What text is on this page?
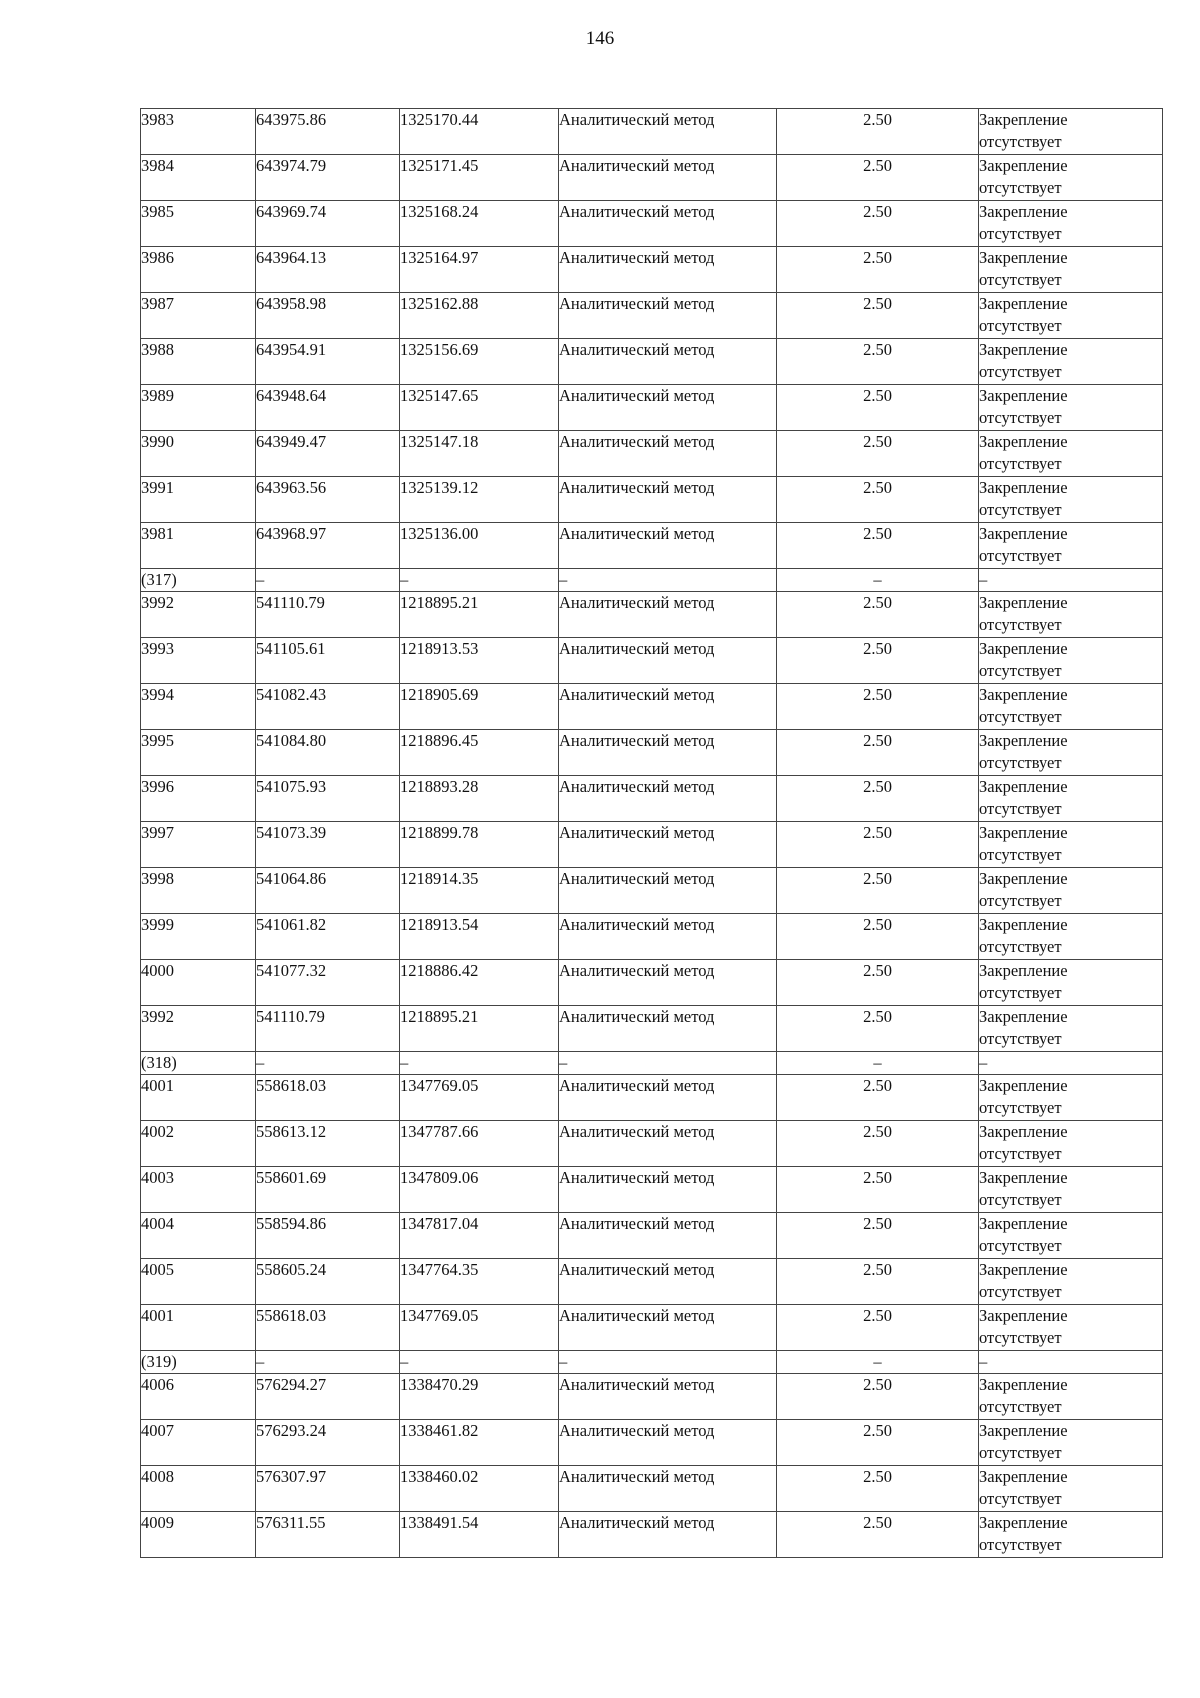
146
3983	643975.86	1325170.44	Аналитический метод	2.50	Закрепление
отсутствует

3984	643974.79	1325171.45	Аналитический метод	2.50	Закрепление
отсутствует

3985	643969.74	1325168.24	Аналитический метод	2.50	Закрепление
отсутствует

3986	643964.13	1325164.97	Аналитический метод	2.50	Закрепление
отсутствует

3987	643958.98	1325162.88	Аналитический метод	2.50	Закрепление
отсутствует

3988	643954.91	1325156.69	Аналитический метод	2.50	Закрепление
отсутствует

3989	643948.64	1325147.65	Аналитический метод	2.50	Закрепление
отсутствует

3990	643949.47	1325147.18	Аналитический метод	2.50	Закрепление
отсутствует

3991	643963.56	1325139.12	Аналитический метод	2.50	Закрепление
отсутствует

3981	643968.97	1325136.00	Аналитический метод	2.50	Закрепление
отсутствует

(317)	–	–	–	–	–

3992	541110.79	1218895.21	Аналитический метод	2.50	Закрепление
отсутствует

3993	541105.61	1218913.53	Аналитический метод	2.50	Закрепление
отсутствует

3994	541082.43	1218905.69	Аналитический метод	2.50	Закрепление
отсутствует

3995	541084.80	1218896.45	Аналитический метод	2.50	Закрепление
отсутствует

3996	541075.93	1218893.28	Аналитический метод	2.50	Закрепление
отсутствует

3997	541073.39	1218899.78	Аналитический метод	2.50	Закрепление
отсутствует

3998	541064.86	1218914.35	Аналитический метод	2.50	Закрепление
отсутствует

3999	541061.82	1218913.54	Аналитический метод	2.50	Закрепление
отсутствует

4000	541077.32	1218886.42	Аналитический метод	2.50	Закрепление
отсутствует

3992	541110.79	1218895.21	Аналитический метод	2.50	Закрепление
отсутствует

(318)	–	–	–	–	–

4001	558618.03	1347769.05	Аналитический метод	2.50	Закрепление
отсутствует

4002	558613.12	1347787.66	Аналитический метод	2.50	Закрепление
отсутствует

4003	558601.69	1347809.06	Аналитический метод	2.50	Закрепление
отсутствует

4004	558594.86	1347817.04	Аналитический метод	2.50	Закрепление
отсутствует

4005	558605.24	1347764.35	Аналитический метод	2.50	Закрепление
отсутствует

4001	558618.03	1347769.05	Аналитический метод	2.50	Закрепление
отсутствует

(319)	–	–	–	–	–

4006	576294.27	1338470.29	Аналитический метод	2.50	Закрепление
отсутствует

4007	576293.24	1338461.82	Аналитический метод	2.50	Закрепление
отсутствует

4008	576307.97	1338460.02	Аналитический метод	2.50	Закрепление
отсутствует

4009	576311.55	1338491.54	Аналитический метод	2.50	Закрепление
отсутствует
